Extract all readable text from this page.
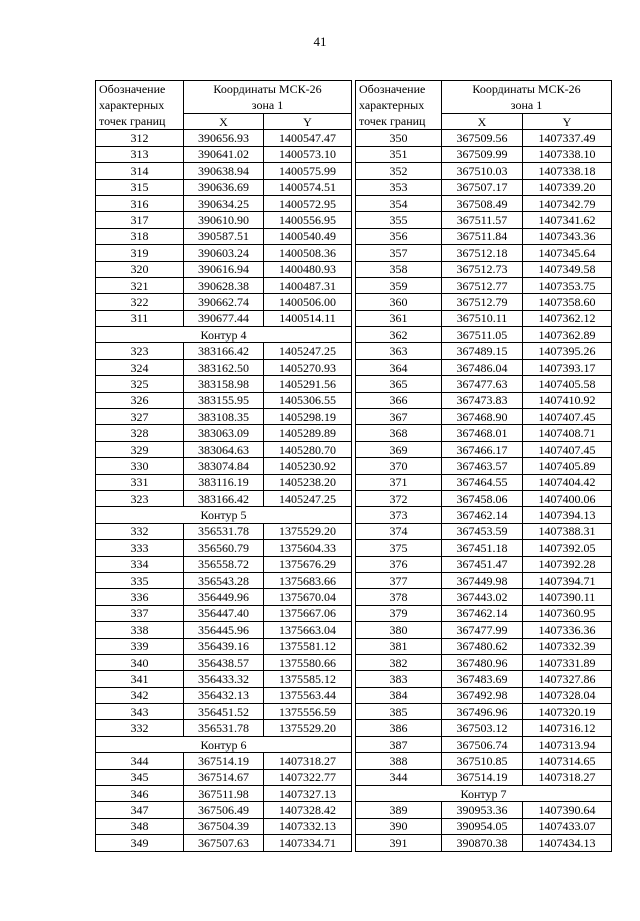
41
Обозначение
характерных
точек границ	Координаты МСК-26
зона 1	
	X	Y
312	390656.93	1400547.47
313	390641.02	1400573.10
314	390638.94	1400575.99
315	390636.69	1400574.51
316	390634.25	1400572.95
317	390610.90	1400556.95
318	390587.51	1400540.49
319	390603.24	1400508.36
320	390616.94	1400480.93
321	390628.38	1400487.31
322	390662.74	1400506.00
311	390677.44	1400514.11
Контур 4		
323	383166.42	1405247.25
324	383162.50	1405270.93
325	383158.98	1405291.56
326	383155.95	1405306.55
327	383108.35	1405298.19
328	383063.09	1405289.89
329	383064.63	1405280.70
330	383074.84	1405230.92
331	383116.19	1405238.20
323	383166.42	1405247.25
Контур 5		
332	356531.78	1375529.20
333	356560.79	1375604.33
334	356558.72	1375676.29
335	356543.28	1375683.66
336	356449.96	1375670.04
337	356447.40	1375667.06
338	356445.96	1375663.04
339	356439.16	1375581.12
340	356438.57	1375580.66
341	356433.32	1375585.12
342	356432.13	1375563.44
343	356451.52	1375556.59
332	356531.78	1375529.20
Контур 6		
344	367514.19	1407318.27
345	367514.67	1407322.77
346	367511.98	1407327.13
347	367506.49	1407328.42
348	367504.39	1407332.13
349	367507.63	1407334.71
Обозначение
характерных
точек границ	Координаты МСК-26
зона 1	
	X	Y
350	367509.56	1407337.49
351	367509.99	1407338.10
352	367510.03	1407338.18
353	367507.17	1407339.20
354	367508.49	1407342.79
355	367511.57	1407341.62
356	367511.84	1407343.36
357	367512.18	1407345.64
358	367512.73	1407349.58
359	367512.77	1407353.75
360	367512.79	1407358.60
361	367510.11	1407362.12
362	367511.05	1407362.89
363	367489.15	1407395.26
364	367486.04	1407393.17
365	367477.63	1407405.58
366	367473.83	1407410.92
367	367468.90	1407407.45
368	367468.01	1407408.71
369	367466.17	1407407.45
370	367463.57	1407405.89
371	367464.55	1407404.42
372	367458.06	1407400.06
373	367462.14	1407394.13
374	367453.59	1407388.31
375	367451.18	1407392.05
376	367451.47	1407392.28
377	367449.98	1407394.71
378	367443.02	1407390.11
379	367462.14	1407360.95
380	367477.99	1407336.36
381	367480.62	1407332.39
382	367480.96	1407331.89
383	367483.69	1407327.86
384	367492.98	1407328.04
385	367496.96	1407320.19
386	367503.12	1407316.12
387	367506.74	1407313.94
388	367510.85	1407314.65
344	367514.19	1407318.27
Контур 7		
389	390953.36	1407390.64
390	390954.05	1407433.07
391	390870.38	1407434.13
